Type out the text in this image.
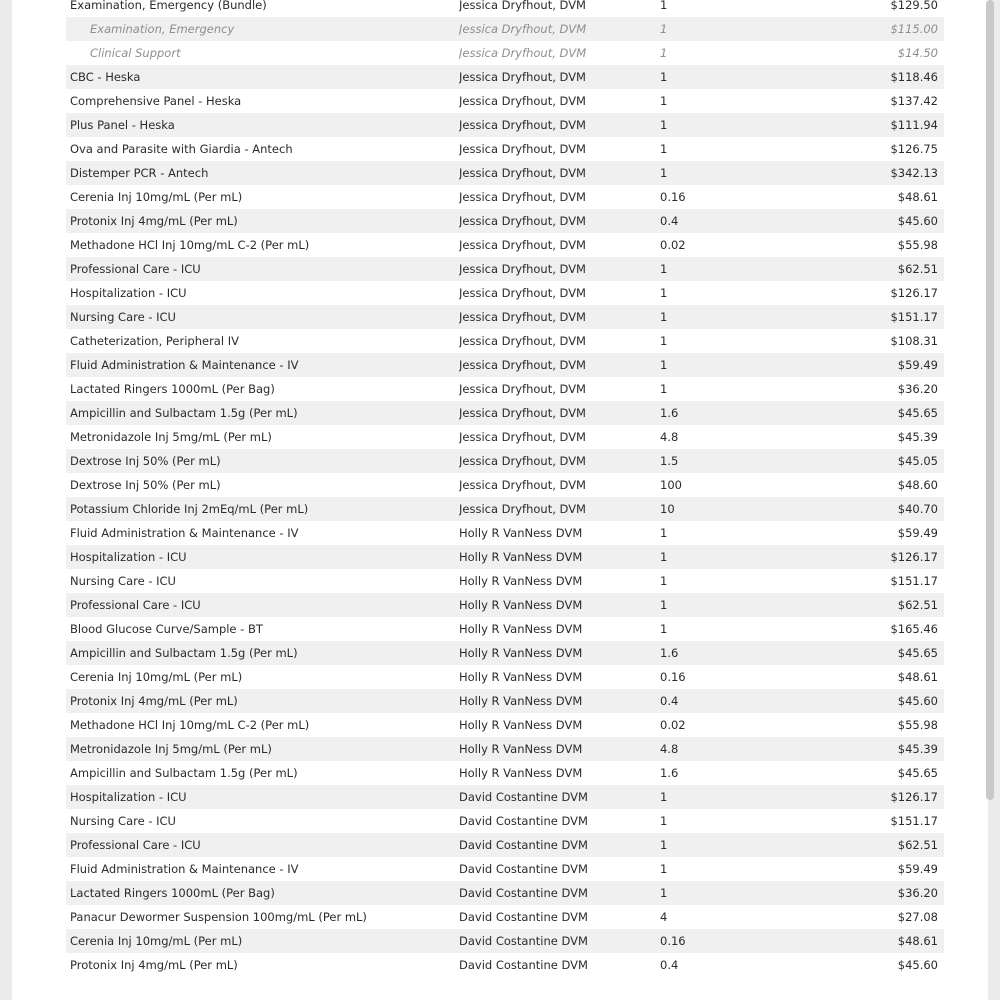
Examination, Emergency (Bundle)	Jessica Dryfhout, DVM	1	$129.50
Examination, Emergency	Jessica Dryfhout, DVM	1	$115.00
Clinical Support	Jessica Dryfhout, DVM	1	$14.50
CBC - Heska	Jessica Dryfhout, DVM	1	$118.46
Comprehensive Panel - Heska	Jessica Dryfhout, DVM	1	$137.42
Plus Panel - Heska	Jessica Dryfhout, DVM	1	$111.94
Ova and Parasite with Giardia - Antech	Jessica Dryfhout, DVM	1	$126.75
Distemper PCR - Antech	Jessica Dryfhout, DVM	1	$342.13
Cerenia Inj 10mg/mL (Per mL)	Jessica Dryfhout, DVM	0.16	$48.61
Protonix Inj 4mg/mL (Per mL)	Jessica Dryfhout, DVM	0.4	$45.60
Methadone HCl Inj 10mg/mL C-2 (Per mL)	Jessica Dryfhout, DVM	0.02	$55.98
Professional Care - ICU	Jessica Dryfhout, DVM	1	$62.51
Hospitalization - ICU	Jessica Dryfhout, DVM	1	$126.17
Nursing Care - ICU	Jessica Dryfhout, DVM	1	$151.17
Catheterization, Peripheral IV	Jessica Dryfhout, DVM	1	$108.31
Fluid Administration & Maintenance - IV	Jessica Dryfhout, DVM	1	$59.49
Lactated Ringers 1000mL (Per Bag)	Jessica Dryfhout, DVM	1	$36.20
Ampicillin and Sulbactam 1.5g (Per mL)	Jessica Dryfhout, DVM	1.6	$45.65
Metronidazole Inj 5mg/mL (Per mL)	Jessica Dryfhout, DVM	4.8	$45.39
Dextrose Inj 50% (Per mL)	Jessica Dryfhout, DVM	1.5	$45.05
Dextrose Inj 50% (Per mL)	Jessica Dryfhout, DVM	100	$48.60
Potassium Chloride Inj 2mEq/mL (Per mL)	Jessica Dryfhout, DVM	10	$40.70
Fluid Administration & Maintenance - IV	Holly R VanNess DVM	1	$59.49
Hospitalization - ICU	Holly R VanNess DVM	1	$126.17
Nursing Care - ICU	Holly R VanNess DVM	1	$151.17
Professional Care - ICU	Holly R VanNess DVM	1	$62.51
Blood Glucose Curve/Sample - BT	Holly R VanNess DVM	1	$165.46
Ampicillin and Sulbactam 1.5g (Per mL)	Holly R VanNess DVM	1.6	$45.65
Cerenia Inj 10mg/mL (Per mL)	Holly R VanNess DVM	0.16	$48.61
Protonix Inj 4mg/mL (Per mL)	Holly R VanNess DVM	0.4	$45.60
Methadone HCl Inj 10mg/mL C-2 (Per mL)	Holly R VanNess DVM	0.02	$55.98
Metronidazole Inj 5mg/mL (Per mL)	Holly R VanNess DVM	4.8	$45.39
Ampicillin and Sulbactam 1.5g (Per mL)	Holly R VanNess DVM	1.6	$45.65
Hospitalization - ICU	David Costantine DVM	1	$126.17
Nursing Care - ICU	David Costantine DVM	1	$151.17
Professional Care - ICU	David Costantine DVM	1	$62.51
Fluid Administration & Maintenance - IV	David Costantine DVM	1	$59.49
Lactated Ringers 1000mL (Per Bag)	David Costantine DVM	1	$36.20
Panacur Dewormer Suspension 100mg/mL (Per mL)	David Costantine DVM	4	$27.08
Cerenia Inj 10mg/mL (Per mL)	David Costantine DVM	0.16	$48.61
Protonix Inj 4mg/mL (Per mL)	David Costantine DVM	0.4	$45.60
